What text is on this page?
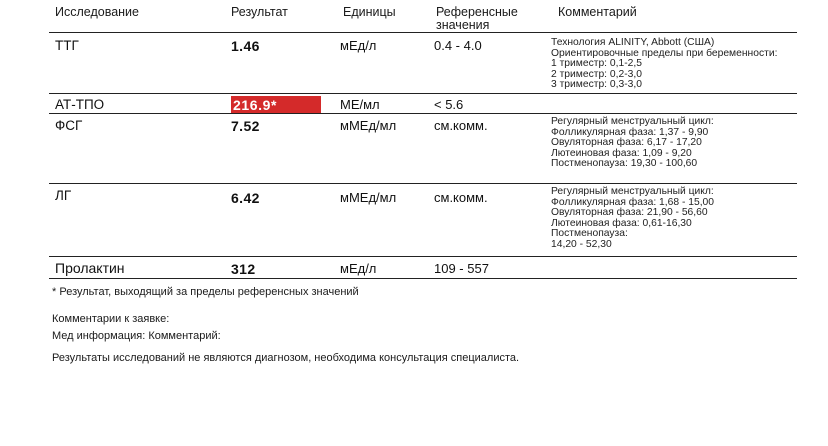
Исследование	Результат	Единицы	Референсные значения
Комментарий
ТТГ	1.46	мЕд/л	0.4 - 4.0	Технология ALINITY, Abbott (США)
Ориентировочные пределы при беременности:
1 триместр: 0,1-2,5
2 триместр: 0,2-3,0
3 триместр: 0,3-3,0
АТ-ТПО	216.9*	МЕ/мл	< 5.6
ФСГ	7.52	мМЕд/мл	см.комм.	Регулярный менструальный цикл:
Фолликулярная фаза: 1,37 - 9,90
Овуляторная фаза: 6,17 - 17,20
Лютеиновая фаза: 1,09 - 9,20
Постменопауза: 19,30 - 100,60
ЛГ	6.42	мМЕд/мл	см.комм.	Регулярный менструальный цикл:
Фолликулярная фаза: 1,68 - 15,00
Овуляторная фаза: 21,90 - 56,60
Лютеиновая фаза: 0,61-16,30
Постменопауза:
14,20 - 52,30
Пролактин	312	мЕд/л	109 - 557
* Результат, выходящий за пределы референсных значений
Комментарии к заявке:
Мед информация: Комментарий:
Результаты исследований не являются диагнозом, необходима консультация специалиста.
